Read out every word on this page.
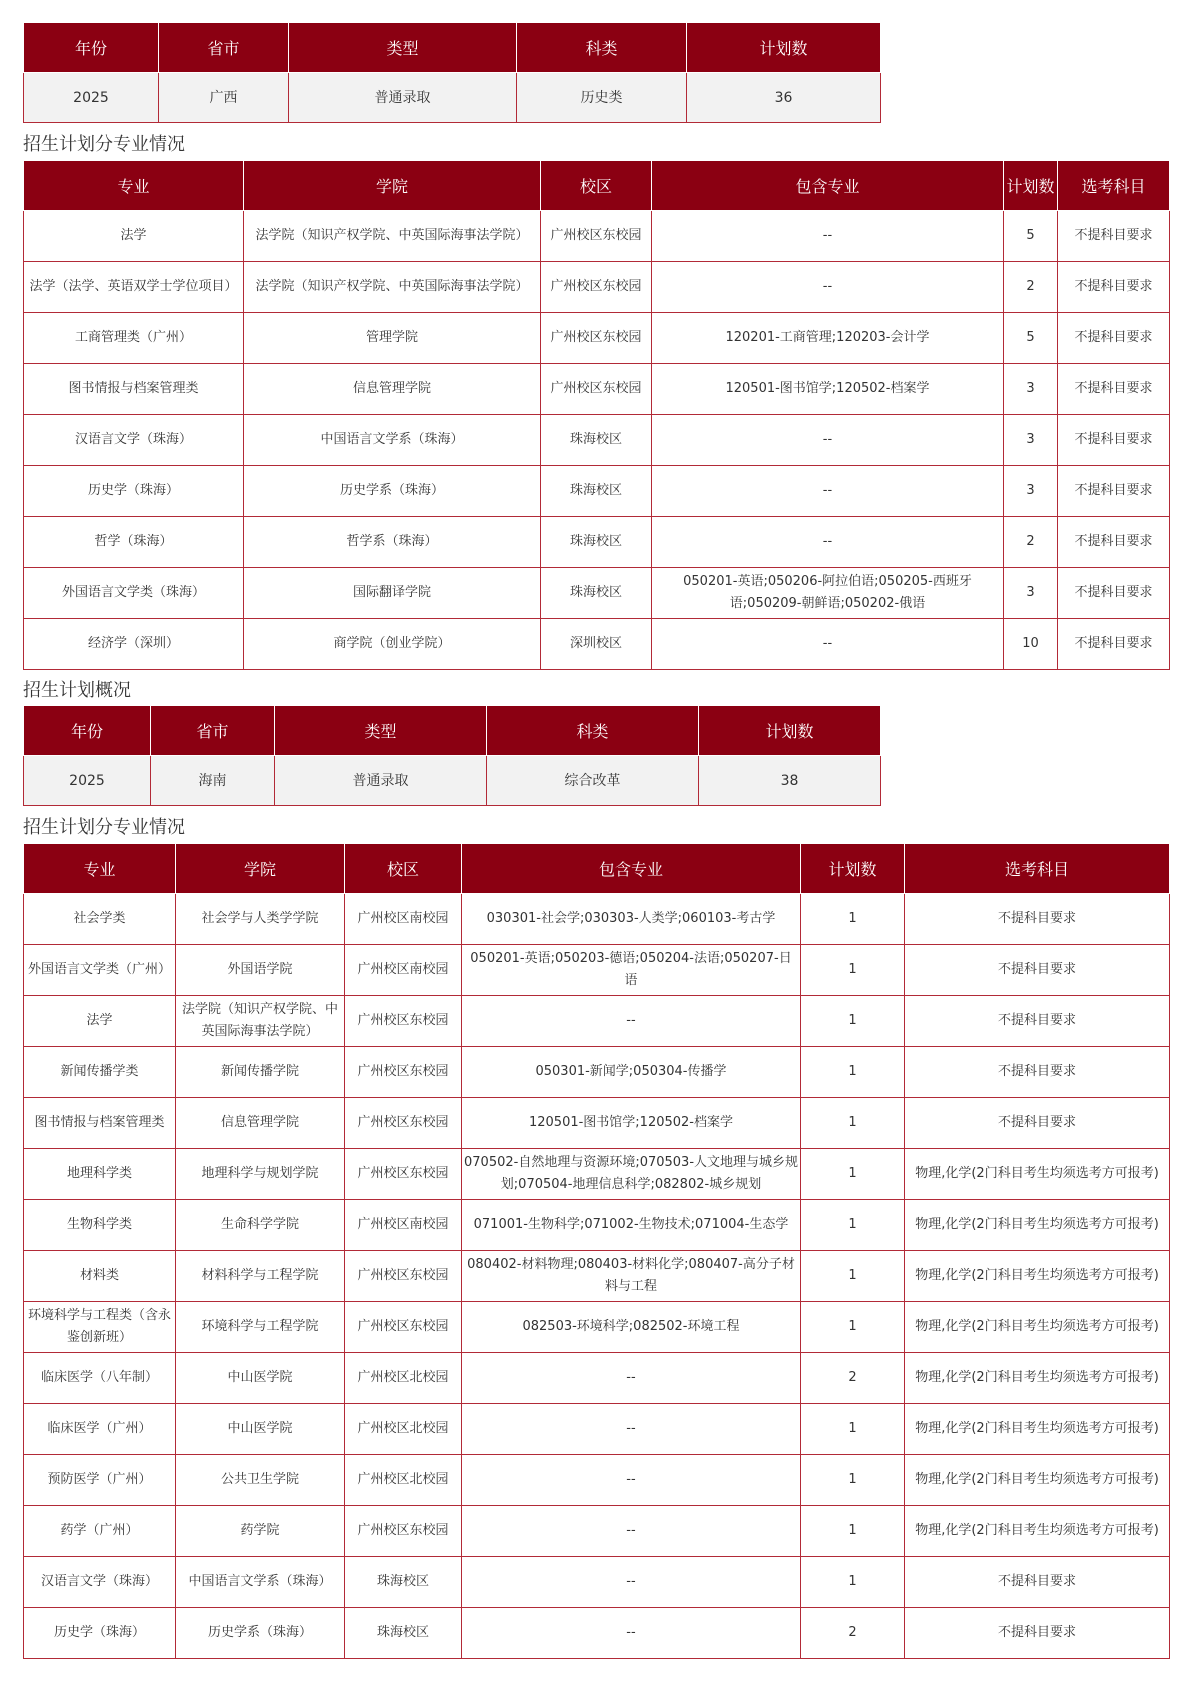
年份	省市	类型	科类	计划数
2025	广西	普通录取	历史类	36
招生计划分专业情况
专业	学院	校区	包含专业	计划数	选考科目
法学	法学院（知识产权学院、中英国际海事法学院）	广州校区东校园	--	5	不提科目要求
法学（法学、英语双学士学位项目）	法学院（知识产权学院、中英国际海事法学院）	广州校区东校园	--	2	不提科目要求
工商管理类（广州）	管理学院	广州校区东校园	120201-工商管理;120203-会计学	5	不提科目要求
图书情报与档案管理类	信息管理学院	广州校区东校园	120501-图书馆学;120502-档案学	3	不提科目要求
汉语言文学（珠海）	中国语言文学系（珠海）	珠海校区	--	3	不提科目要求
历史学（珠海）	历史学系（珠海）	珠海校区	--	3	不提科目要求
哲学（珠海）	哲学系（珠海）	珠海校区	--	2	不提科目要求
外国语言文学类（珠海）	国际翻译学院	珠海校区	050201-英语;050206-阿拉伯语;050205-西班牙语;050209-朝鲜语;050202-俄语	3	不提科目要求
经济学（深圳）	商学院（创业学院）	深圳校区	--	10	不提科目要求
招生计划概况
年份	省市	类型	科类	计划数
2025	海南	普通录取	综合改革	38
招生计划分专业情况
专业	学院	校区	包含专业	计划数	选考科目
社会学类	社会学与人类学学院	广州校区南校园	030301-社会学;030303-人类学;060103-考古学	1	不提科目要求
外国语言文学类（广州）	外国语学院	广州校区南校园	050201-英语;050203-德语;050204-法语;050207-日语	1	不提科目要求
法学	法学院（知识产权学院、中英国际海事法学院）	广州校区东校园	--	1	不提科目要求
新闻传播学类	新闻传播学院	广州校区东校园	050301-新闻学;050304-传播学	1	不提科目要求
图书情报与档案管理类	信息管理学院	广州校区东校园	120501-图书馆学;120502-档案学	1	不提科目要求
地理科学类	地理科学与规划学院	广州校区东校园	070502-自然地理与资源环境;070503-人文地理与城乡规划;070504-地理信息科学;082802-城乡规划	1	物理,化学(2门科目考生均须选考方可报考)
生物科学类	生命科学学院	广州校区南校园	071001-生物科学;071002-生物技术;071004-生态学	1	物理,化学(2门科目考生均须选考方可报考)
材料类	材料科学与工程学院	广州校区东校园	080402-材料物理;080403-材料化学;080407-高分子材料与工程	1	物理,化学(2门科目考生均须选考方可报考)
环境科学与工程类（含永鉴创新班）	环境科学与工程学院	广州校区东校园	082503-环境科学;082502-环境工程	1	物理,化学(2门科目考生均须选考方可报考)
临床医学（八年制）	中山医学院	广州校区北校园	--	2	物理,化学(2门科目考生均须选考方可报考)
临床医学（广州）	中山医学院	广州校区北校园	--	1	物理,化学(2门科目考生均须选考方可报考)
预防医学（广州）	公共卫生学院	广州校区北校园	--	1	物理,化学(2门科目考生均须选考方可报考)
药学（广州）	药学院	广州校区东校园	--	1	物理,化学(2门科目考生均须选考方可报考)
汉语言文学（珠海）	中国语言文学系（珠海）	珠海校区	--	1	不提科目要求
历史学（珠海）	历史学系（珠海）	珠海校区	--	2	不提科目要求
